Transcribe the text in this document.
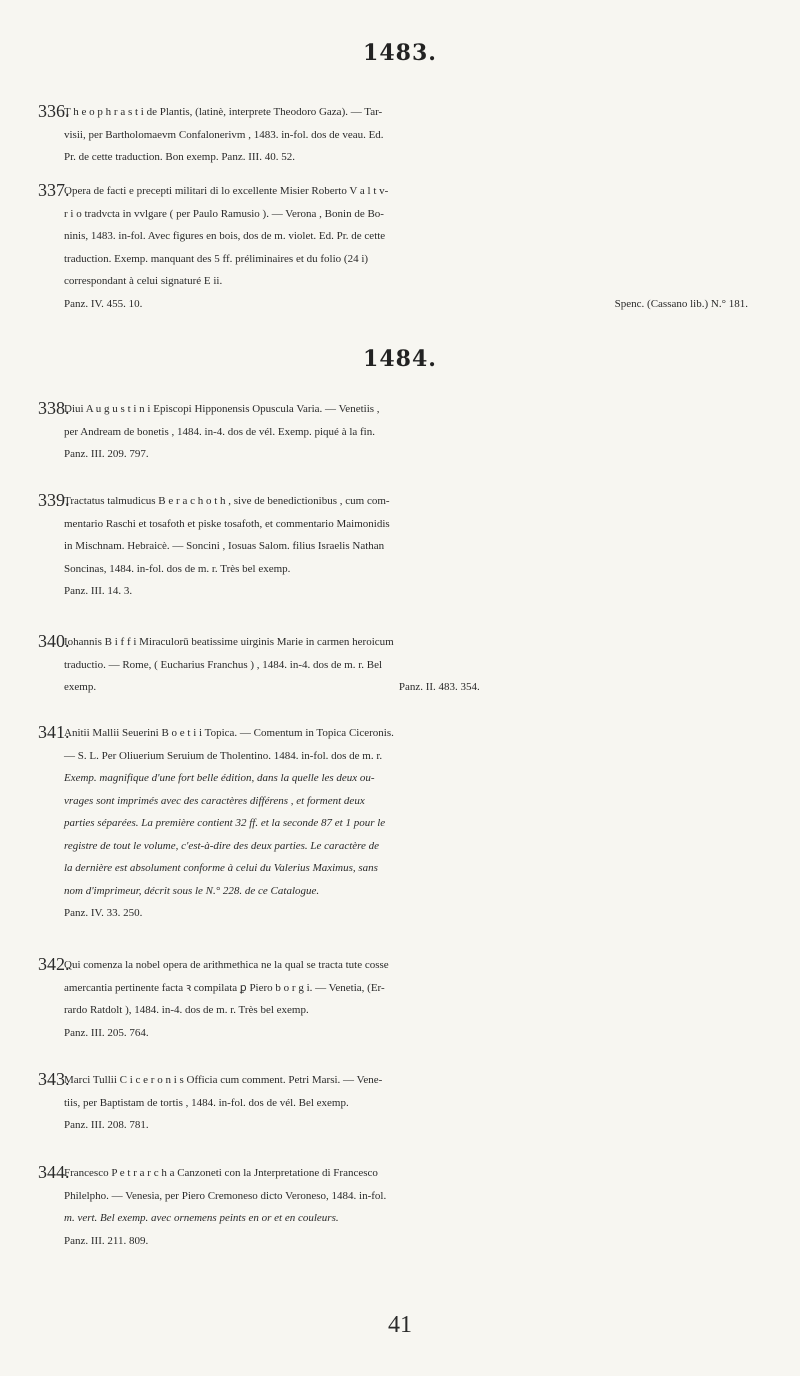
1483.
336.
T h e o p h r a s t i de Plantis, (latinè, interprete Theodoro Gaza). — Tar-
visii, per Bartholomaevm Confalonerivm , 1483. in-fol. dos de veau. Ed.
Pr. de cette traduction. Bon exemp. Panz. III. 40. 52.
337.
Opera de facti e precepti militari di lo excellente Misier Roberto V a l t v-
r i o tradvcta in vvlgare ( per Paulo Ramusio ). — Verona , Bonin de Bo-
ninis, 1483. in-fol. Avec figures en bois, dos de m. violet. Ed. Pr. de cette
traduction. Exemp. manquant des 5 ff. préliminaires et du folio (24 i)
correspondant à celui signaturé E ii.
Panz. IV. 455. 10.	Spenc. (Cassano lib.) N.° 181.
1484.
338.
Diui A u g u s t i n i Episcopi Hipponensis Opuscula Varia. — Venetiis ,
per Andream de bonetis , 1484. in-4. dos de vél. Exemp. piqué à la fin.
Panz. III. 209. 797.
339.
Tractatus talmudicus B e r a c h o t h , sive de benedictionibus , cum com-
mentario Raschi et tosafoth et piske tosafoth, et commentario Maimonidis
in Mischnam. Hebraicè. — Soncini , Iosuas Salom. filius Israelis Nathan
Soncinas, 1484. in-fol. dos de m. r. Très bel exemp.
Panz. III. 14. 3.
340.
Iohannis B i f f i Miraculorū beatissime uirginis Marie in carmen heroicum
traductio. — Rome, ( Eucharius Franchus ) , 1484. in-4. dos de m. r. Bel
exemp.	Panz. II. 483. 354.
341.
Anitii Mallii Seuerini B o e t i i Topica. — Comentum in Topica Ciceronis.
— S. L. Per Oliuerium Seruium de Tholentino. 1484. in-fol. dos de m. r.
Exemp. magnifique d'une fort belle édition, dans la quelle les deux ou-
vrages sont imprimés avec des caractères différens , et forment deux
parties séparées. La première contient 32 ff. et la seconde 87 et 1 pour le
registre de tout le volume, c'est-à-dire des deux parties. Le caractère de
la dernière est absolument conforme à celui du Valerius Maximus, sans
nom d'imprimeur, décrit sous le N.° 228. de ce Catalogue.
Panz. IV. 33. 250.
342.
Qui comenza la nobel opera de arithmethica ne la qual se tracta tute cosse
amercantia pertinente facta ꝛ compilata ꝑ Piero b o r g i. — Venetia, (Er-
rardo Ratdolt ), 1484. in-4. dos de m. r. Très bel exemp.
Panz. III. 205. 764.
343.
Marci Tullii C i c e r o n i s Officia cum comment. Petri Marsi. — Vene-
tiis, per Baptistam de tortis , 1484. in-fol. dos de vél. Bel exemp.
Panz. III. 208. 781.
344.
Francesco P e t r a r c h a Canzoneti con la Jnterpretatione di Francesco
Philelpho. — Venesia, per Piero Cremoneso dicto Veroneso, 1484. in-fol.
m. vert. Bel exemp. avec ornemens peints en or et en couleurs.
Panz. III. 211. 809.
41
